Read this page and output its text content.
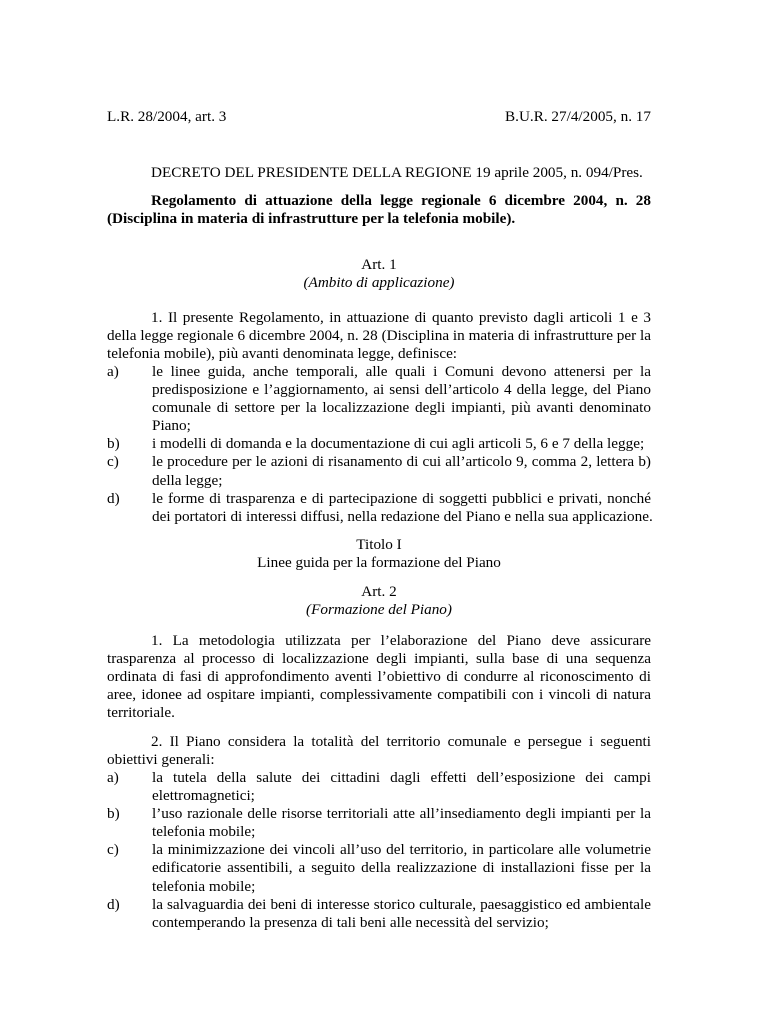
L.R. 28/2004, art. 3	B.U.R. 27/4/2005, n. 17
DECRETO DEL PRESIDENTE DELLA REGIONE 19 aprile 2005, n. 094/Pres.
Regolamento di attuazione della legge regionale 6 dicembre 2004, n. 28
(Disciplina in materia di infrastrutture per la telefonia mobile).
Art. 1
(Ambito di applicazione)
1. Il presente Regolamento, in attuazione di quanto previsto dagli articoli 1 e 3
della legge regionale 6 dicembre 2004, n. 28 (Disciplina in materia di infrastrutture per la
telefonia mobile), più avanti denominata legge, definisce:
a) le linee guida, anche temporali, alle quali i Comuni devono attenersi per la
predisposizione e l’aggiornamento, ai sensi dell’articolo 4 della legge, del Piano
comunale di settore per la localizzazione degli impianti, più avanti denominato
Piano;
b) i modelli di domanda e la documentazione di cui agli articoli 5, 6 e 7 della legge;
c) le procedure per le azioni di risanamento di cui all’articolo 9, comma 2, lettera b)
della legge;
d) le forme di trasparenza e di partecipazione di soggetti pubblici e privati, nonché
dei portatori di interessi diffusi, nella redazione del Piano e nella sua applicazione.
Titolo I
Linee guida per la formazione del Piano
Art. 2
(Formazione del Piano)
1. La metodologia utilizzata per l’elaborazione del Piano deve assicurare
trasparenza al processo di localizzazione degli impianti, sulla base di una sequenza
ordinata di fasi di approfondimento aventi l’obiettivo di condurre al riconoscimento di
aree, idonee ad ospitare impianti, complessivamente compatibili con i vincoli di natura
territoriale.
2. Il Piano considera la totalità del territorio comunale e persegue i seguenti
obiettivi generali:
a) la tutela della salute dei cittadini dagli effetti dell’esposizione dei campi
elettromagnetici;
b) l’uso razionale delle risorse territoriali atte all’insediamento degli impianti per la
telefonia mobile;
c) la minimizzazione dei vincoli all’uso del territorio, in particolare alle volumetrie
edificatorie assentibili, a seguito della realizzazione di installazioni fisse per la
telefonia mobile;
d) la salvaguardia dei beni di interesse storico culturale, paesaggistico ed ambientale
contemperando la presenza di tali beni alle necessità del servizio;
